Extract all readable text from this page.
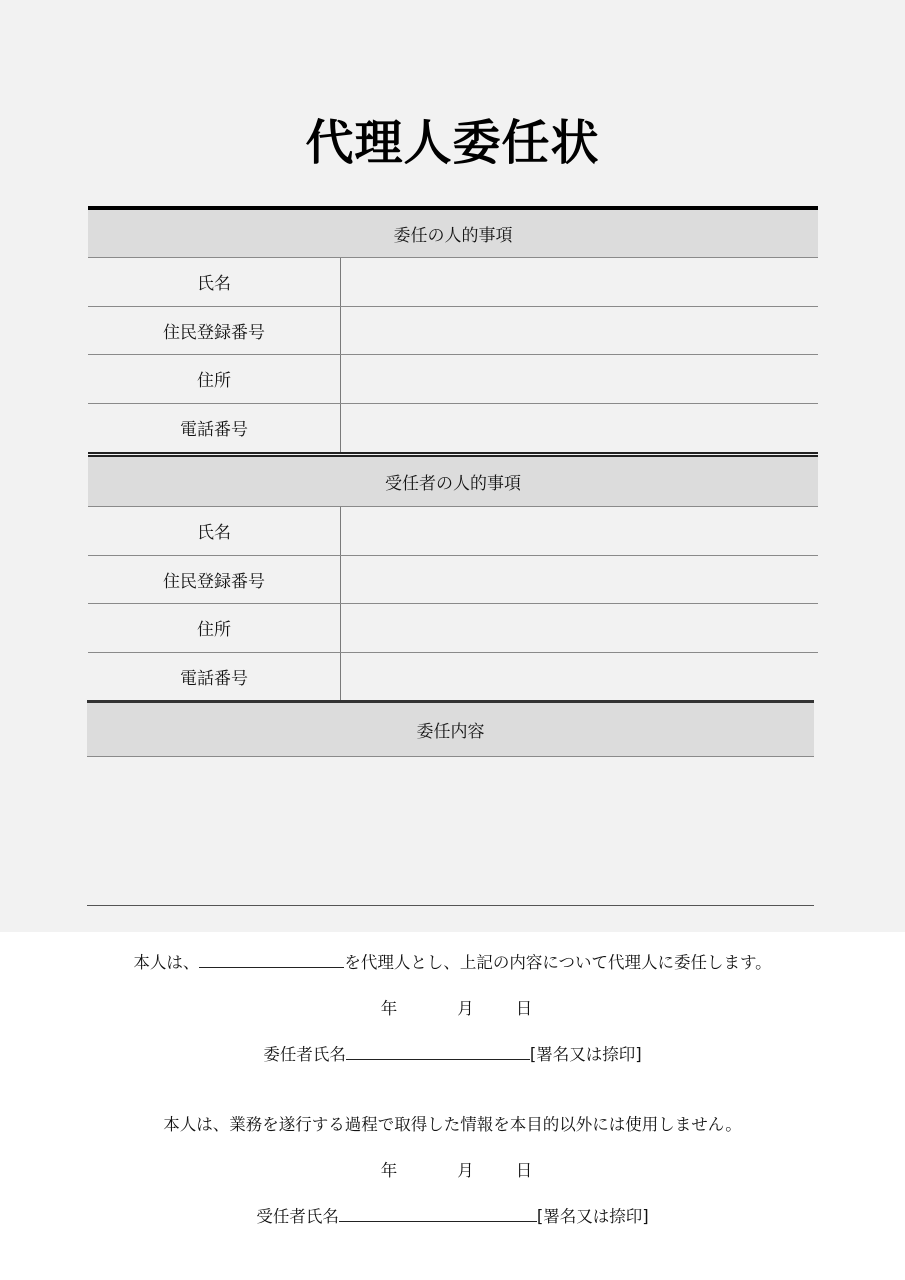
代理人委任状
委任の人的事項
氏名
住民登録番号
住所
電話番号
受任者の人的事項
氏名
住民登録番号
住所
電話番号
委任内容
本人は、	を代理人とし、上記の内容について代理人に委任します。
年	月	日
委任者氏名	[署名又は捺印]
本人は、業務を遂行する過程で取得した情報を本目的以外には使用しません。
年	月	日
受任者氏名	[署名又は捺印]
